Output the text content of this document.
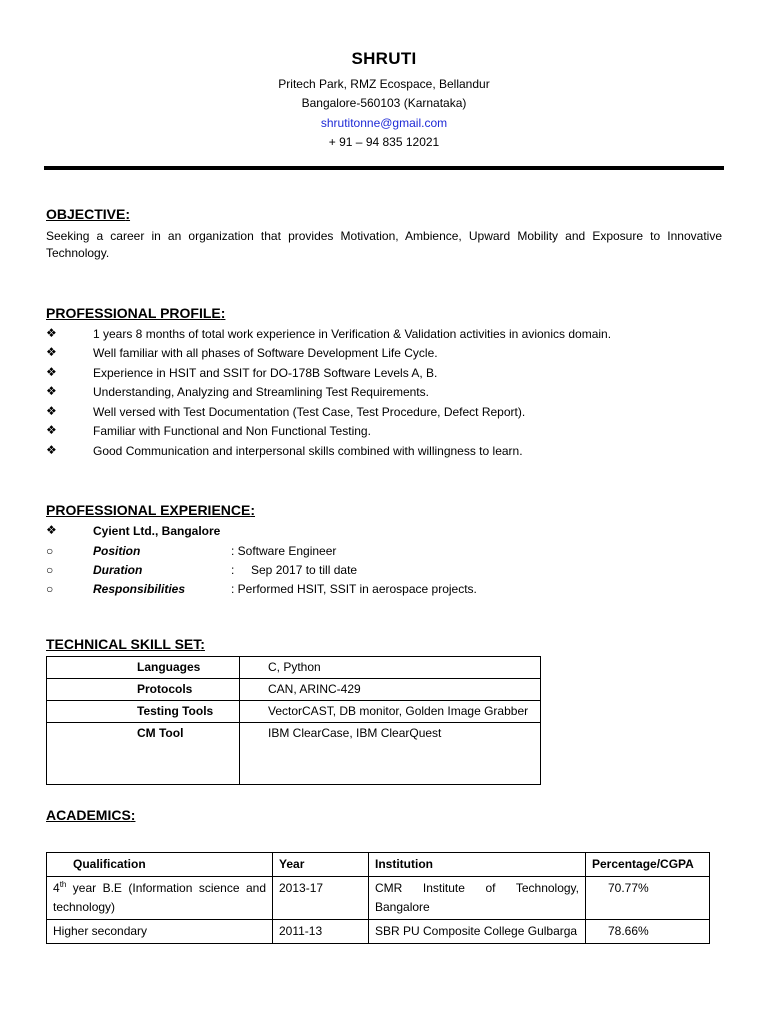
SHRUTI
Pritech Park, RMZ Ecospace, Bellandur
Bangalore-560103 (Karnataka)
shrutitonne@gmail.com
+ 91 – 94 835 12021
OBJECTIVE:
Seeking a career in an organization that provides Motivation, Ambience, Upward Mobility and Exposure to Innovative Technology.
PROFESSIONAL PROFILE:
❖	1 years 8 months of total work experience in Verification & Validation activities in avionics domain.
❖	Well familiar with all phases of Software Development Life Cycle.
❖	Experience in HSIT and SSIT for DO-178B Software Levels A, B.
❖	Understanding, Analyzing and Streamlining Test Requirements.
❖	Well versed with Test Documentation (Test Case, Test Procedure, Defect Report).
❖	Familiar with Functional and Non Functional Testing.
❖	Good Communication and interpersonal skills combined with willingness to learn.
PROFESSIONAL EXPERIENCE:
❖	Cyient Ltd., Bangalore
○	Position	: Software Engineer
○	Duration	:     Sep 2017 to till date
○	Responsibilities	: Performed HSIT, SSIT in aerospace projects.
TECHNICAL SKILL SET:
Languages	C, Python
Protocols	CAN, ARINC-429
Testing Tools	VectorCAST, DB monitor, Golden Image Grabber
CM Tool	IBM ClearCase, IBM ClearQuest
ACADEMICS:
Qualification	Year	Institution	Percentage/CGPA
4th year B.E (Information science and technology)	2013-17	CMR Institute of Technology, Bangalore	70.77%
Higher secondary	2011-13	SBR PU Composite College Gulbarga	78.66%
